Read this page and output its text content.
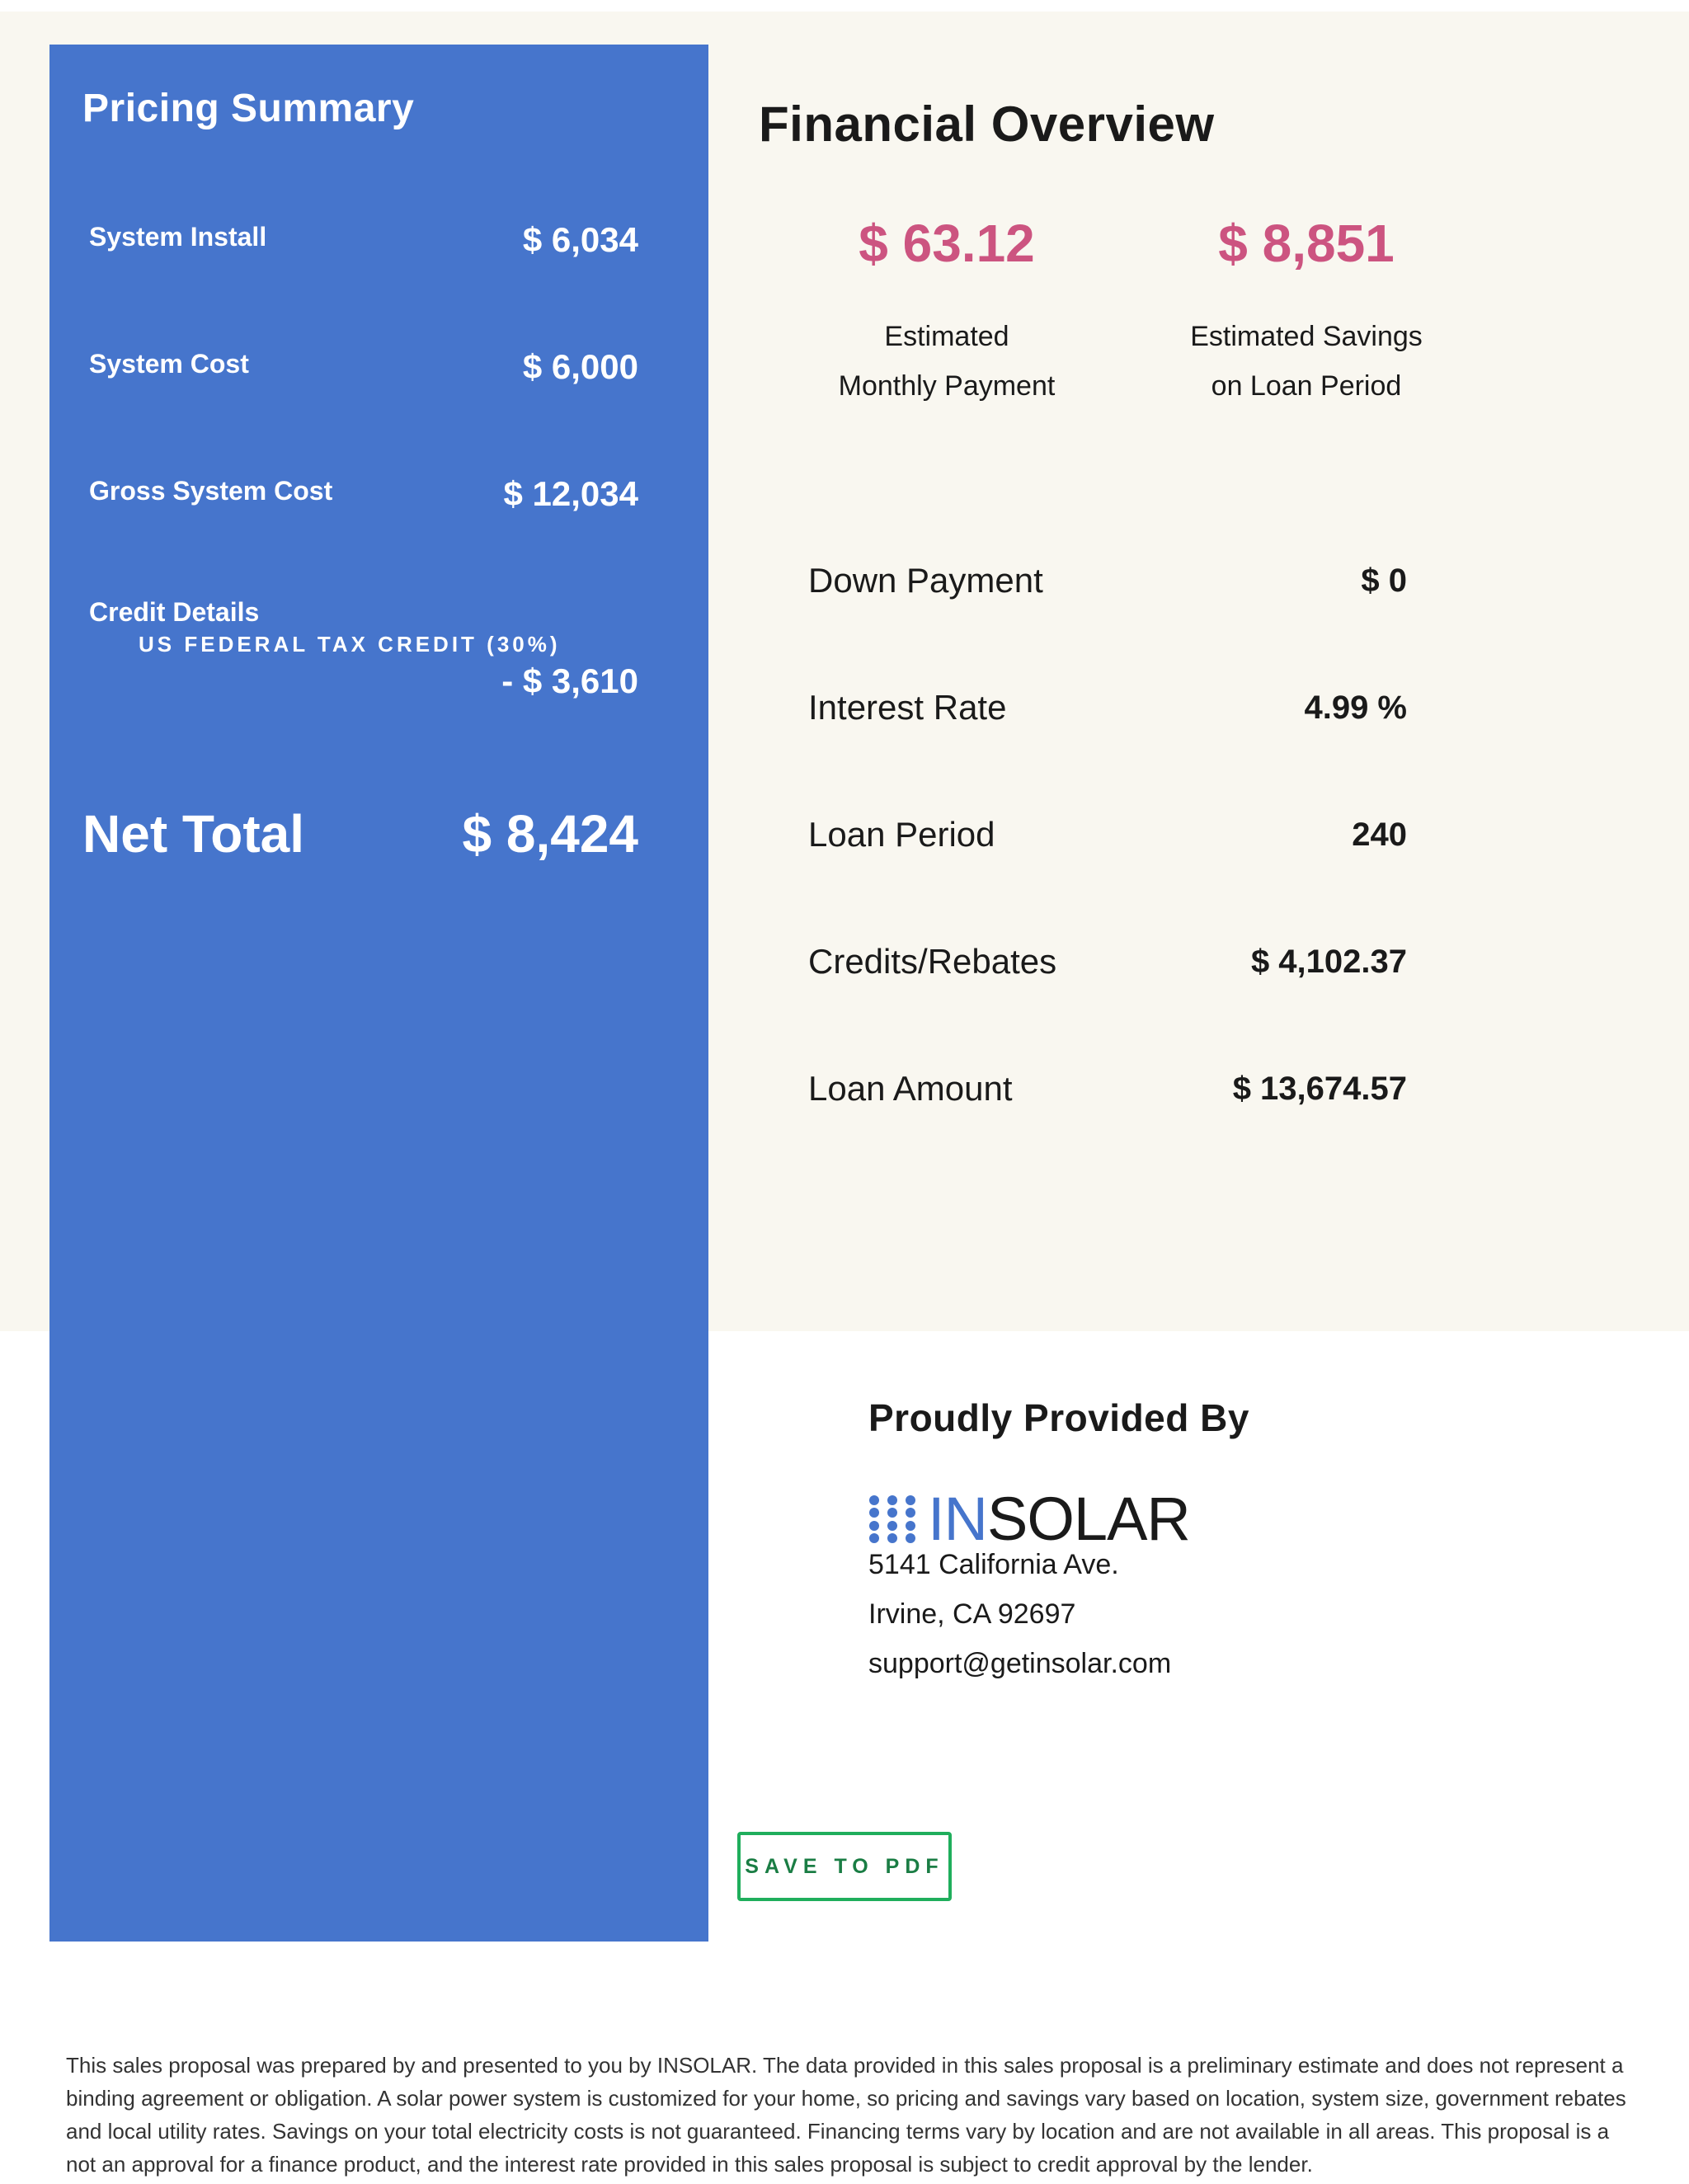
Pricing Summary
System Install	$ 6,034
System Cost	$ 6,000
Gross System Cost	$ 12,034
Credit Details
US FEDERAL TAX CREDIT (30%)
- $ 3,610
Net Total	$ 8,424
Financial Overview
$ 63.12
Estimated
Monthly Payment
$ 8,851
Estimated Savings
on Loan Period
Down Payment	$ 0
Interest Rate	4.99 %
Loan Period	240
Credits/Rebates	$ 4,102.37
Loan Amount	$ 13,674.57
Proudly Provided By
INSOLAR
5141 California Ave.
Irvine, CA 92697
support@getinsolar.com
SAVE TO PDF

This sales proposal was prepared by and presented to you by INSOLAR. The data provided in this sales proposal is a preliminary estimate and does not represent a binding agreement or obligation. A solar power system is customized for your home, so pricing and savings vary based on location, system size, government rebates and local utility rates. Savings on your total electricity costs is not guaranteed. Financing terms vary by location and are not available in all areas. This proposal is a not an approval for a finance product, and the interest rate provided in this sales proposal is subject to credit approval by the lender.
